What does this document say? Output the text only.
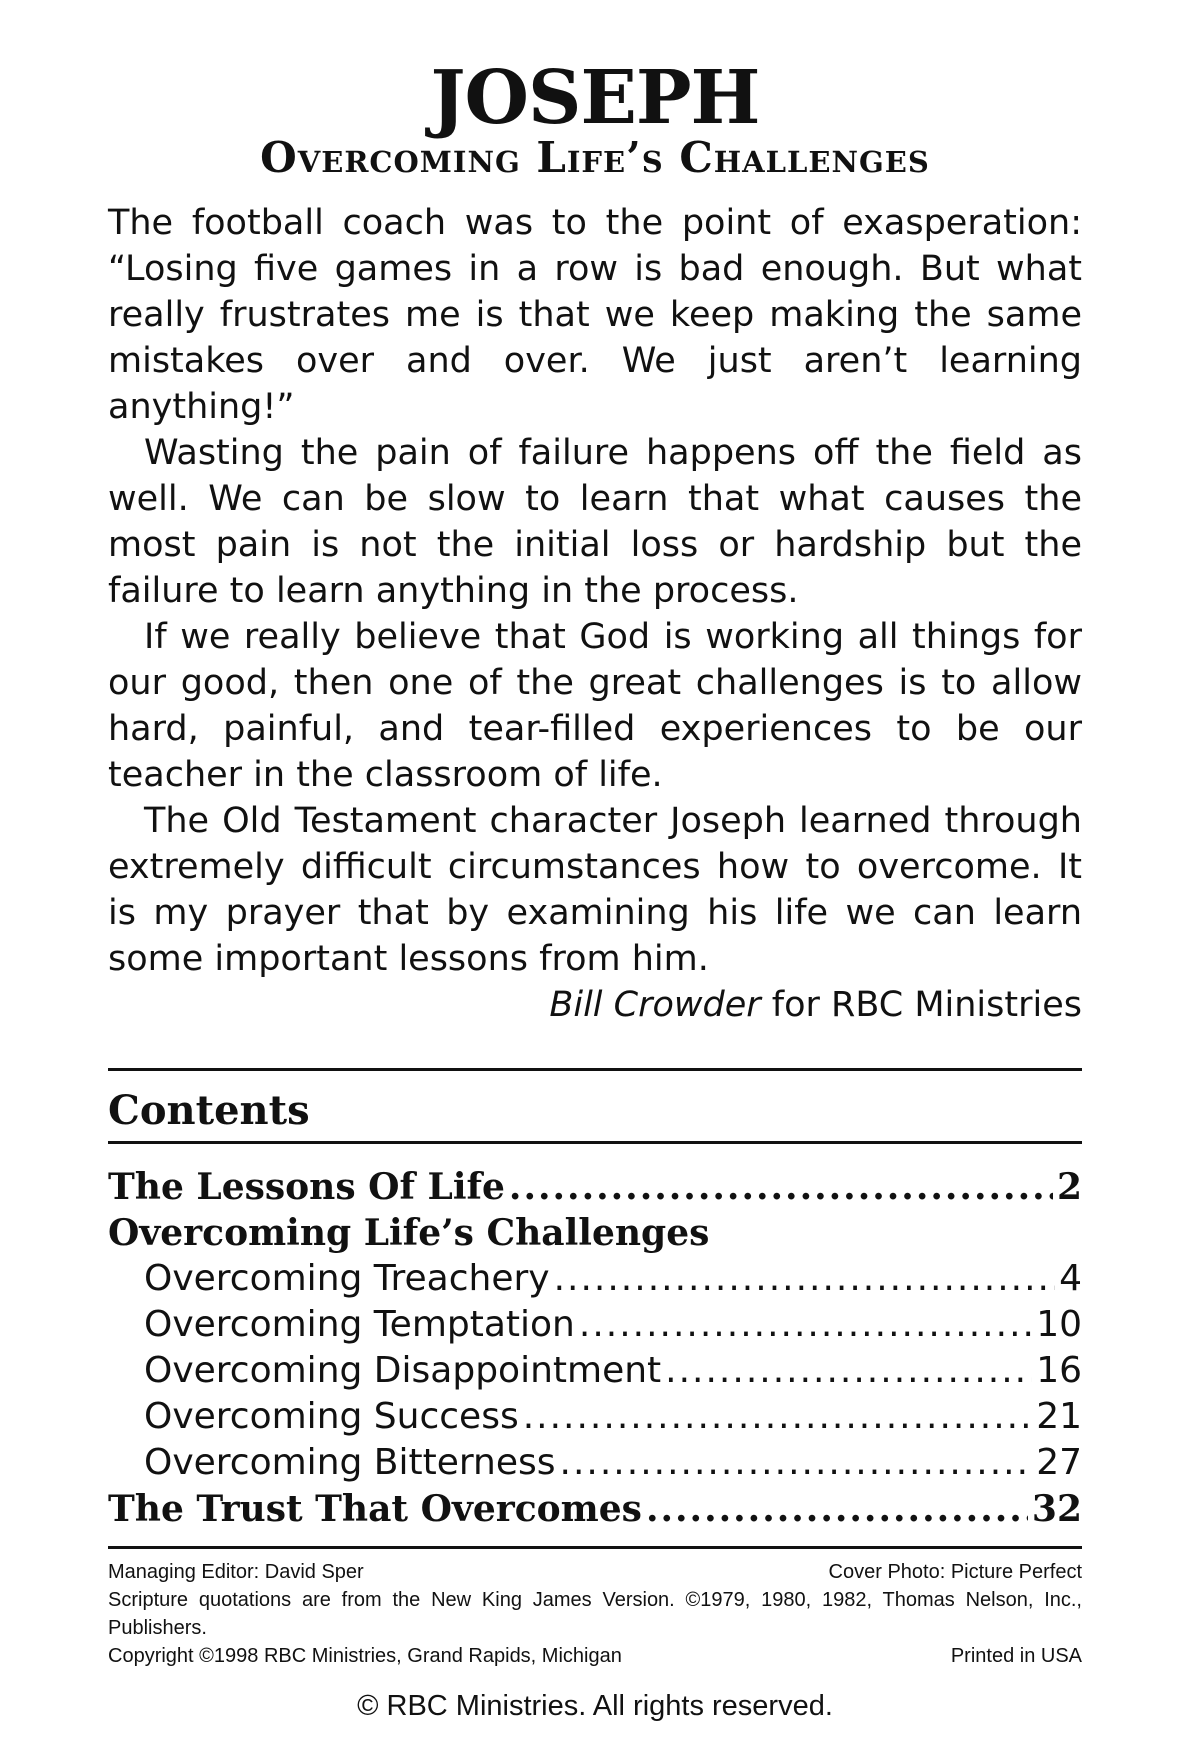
JOSEPH
Overcoming Life’s Challenges

The football coach was to the point of exasperation: “Losing five games in a row is bad enough. But what really frustrates me is that we keep making the same mistakes over and over. We just aren’t learning anything!”

Wasting the pain of failure happens off the field as well. We can be slow to learn that what causes the most pain is not the initial loss or hardship but the failure to learn anything in the process.

If we really believe that God is working all things for our good, then one of the great challenges is to allow hard, painful, and tear-filled experiences to be our teacher in the classroom of life.

The Old Testament character Joseph learned through extremely difficult circumstances how to overcome. It is my prayer that by examining his life we can learn some important lessons from him.

Bill Crowder for RBC Ministries
Contents
The Lessons Of Life .....	2
Overcoming Life’s Challenges
Overcoming Treachery .....	4
Overcoming Temptation .....	10
Overcoming Disappointment .....	16
Overcoming Success .....	21
Overcoming Bitterness .....	27
The Trust That Overcomes .....	32
Managing Editor: David Sper	Cover Photo: Picture Perfect

Scripture quotations are from the New King James Version. ©1979, 1980, 1982, Thomas Nelson, Inc., Publishers.

Copyright ©1998 RBC Ministries, Grand Rapids, Michigan	Printed in USA
© RBC Ministries. All rights reserved.
